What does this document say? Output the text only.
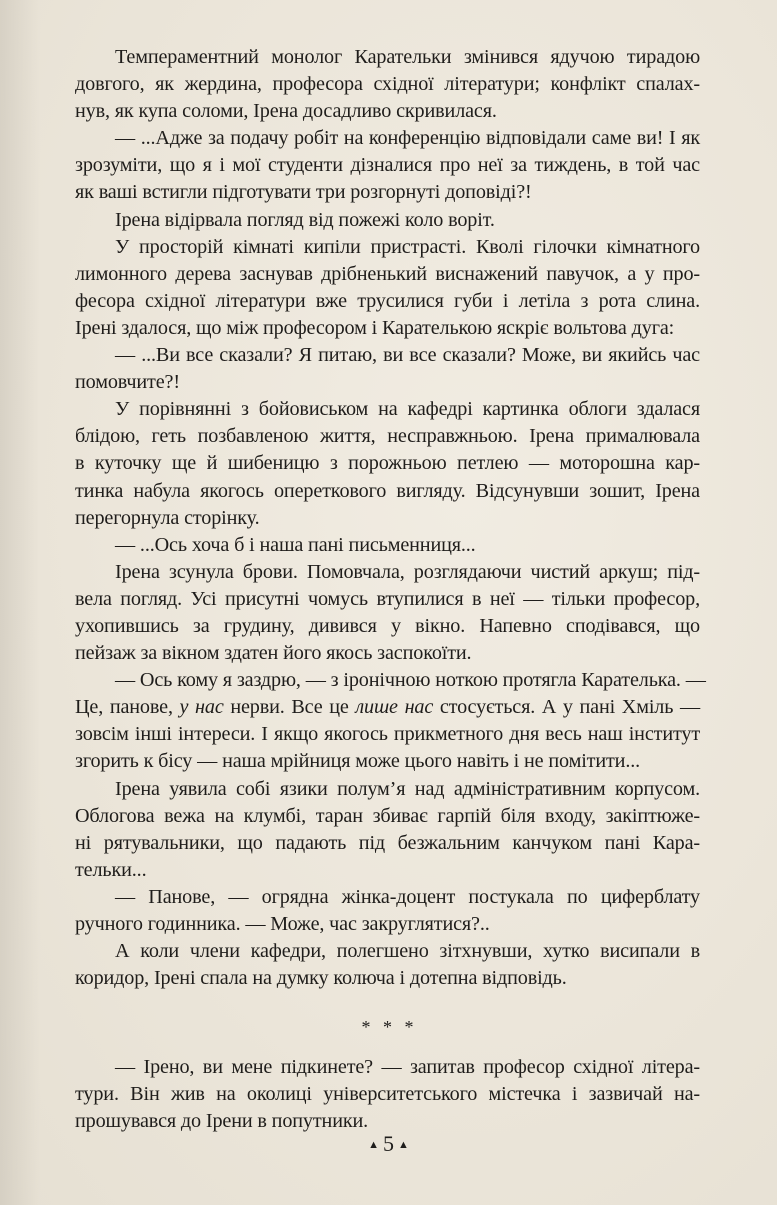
Темпераментний монолог Карательки змінився ядучою тирадою
довгого, як жердина, професора східної літератури; конфлікт спалах-
нув, як купа соломи, Ірена досадливо скривилася.
— ...Адже за подачу робіт на конференцію відповідали саме ви! І як
зрозуміти, що я і мої студенти дізналися про неї за тиждень, в той час
як ваші встигли підготувати три розгорнуті доповіді?!
Ірена відірвала погляд від пожежі коло воріт.
У просторій кімнаті кипіли пристрасті. Кволі гілочки кімнатного
лимонного дерева заснував дрібненький виснажений павучок, а у про-
фесора східної літератури вже трусилися губи і летіла з рота слина.
Ірені здалося, що між професором і Карателькою яскріє вольтова дуга:
— ...Ви все сказали? Я питаю, ви все сказали? Може, ви якийсь час
помовчите?!
У порівнянні з бойовиськом на кафедрі картинка облоги здалася
блідою, геть позбавленою життя, несправжньою. Ірена прималювала
в куточку ще й шибеницю з порожньою петлею — моторошна кар-
тинка набула якогось опереткового вигляду. Відсунувши зошит, Ірена
перегорнула сторінку.
— ...Ось хоча б і наша пані письменниця...
Ірена зсунула брови. Помовчала, розглядаючи чистий аркуш; під-
вела погляд. Усі присутні чомусь втупилися в неї — тільки професор,
ухопившись за грудину, дивився у вікно. Напевно сподівався, що
пейзаж за вікном здатен його якось заспокоїти.
— Ось кому я заздрю, — з іронічною ноткою протягла Каратeлька. —
Це, панове, у нас нерви. Все це лише нас стосується. А у пані Хміль —
зовсім інші інтереси. І якщо якогось прикметного дня весь наш інститут
згорить к бісу — наша мрійниця може цього навіть і не помітити...
Ірена уявила собі язики полум’я над адміністративним корпусом.
Облогова вежа на клумбі, таран збиває гарпій біля входу, закіптюже-
ні рятувальники, що падають під безжальним канчуком пані Кара-
тельки...
— Панове, — огрядна жінка-доцент постукала по циферблату
ручного годинника. — Може, час закруглятися?..
А коли члени кафедри, полегшено зітхнувши, хутко висипали в
коридор, Ірені спала на думку колюча і дотепна відповідь.
* * *
— Ірено, ви мене підкинете? — запитав професор східної літера-
тури. Він жив на околиці університетського містечка і зазвичай на-
прошувався до Ірени в попутники.
▲ 5 ▲
